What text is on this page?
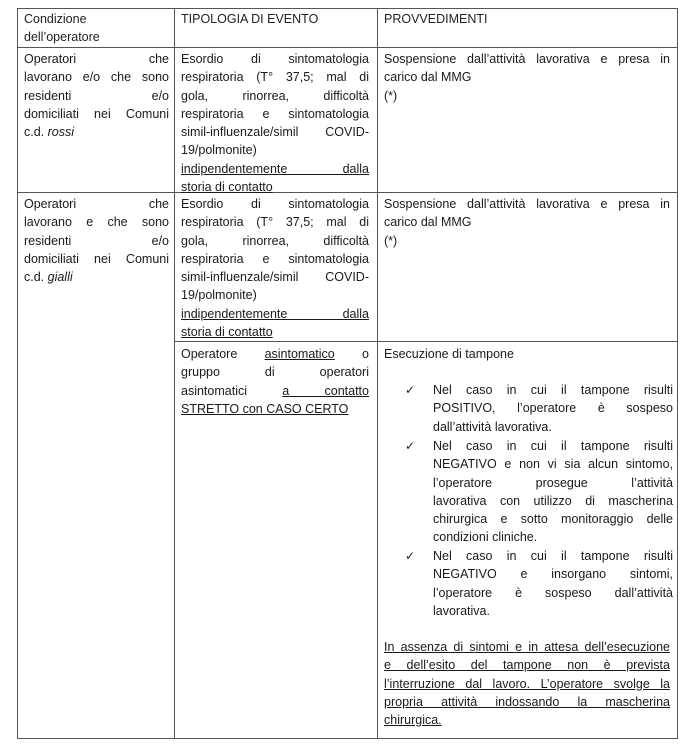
Condizione
dell’operatore
TIPOLOGIA DI EVENTO	PROVVEDIMENTI
Operatori che
lavorano e/o che sono
residenti e/o
domiciliati nei Comuni
c.d. rossi
Esordio di sintomatologia
respiratoria (T° 37,5; mal di
gola, rinorrea, difficoltà
respiratoria e sintomatologia
simil-influenzale/simil COVID-
19/polmonite)
indipendentemente dalla
storia di contatto
Sospensione dall’attività lavorativa e presa in
carico dal MMG
(*)
Operatori che
lavorano e che sono
residenti e/o
domiciliati nei Comuni
c.d. gialli
Esordio di sintomatologia
respiratoria (T° 37,5; mal di
gola, rinorrea, difficoltà
respiratoria e sintomatologia
simil-influenzale/simil COVID-
19/polmonite)
indipendentemente dalla
storia di contatto
Sospensione dall’attività lavorativa e presa in
carico dal MMG
(*)
Operatore asintomatico o
gruppo di operatori
asintomatici a contatto
STRETTO con CASO CERTO
Esecuzione di tampone
✓ Nel caso in cui il tampone risulti
POSITIVO, l’operatore è sospeso
dall’attività lavorativa.
✓ Nel caso in cui il tampone risulti
NEGATIVO e non vi sia alcun sintomo,
l’operatore prosegue l’attività
lavorativa con utilizzo di mascherina
chirurgica e sotto monitoraggio delle
condizioni cliniche.
✓ Nel caso in cui il tampone risulti
NEGATIVO e insorgano sintomi,
l’operatore è sospeso dall’attività
lavorativa.
In assenza di sintomi e in attesa dell’esecuzione
e dell’esito del tampone non è prevista
l’interruzione dal lavoro. L’operatore svolge la
propria attività indossando la mascherina
chirurgica.
